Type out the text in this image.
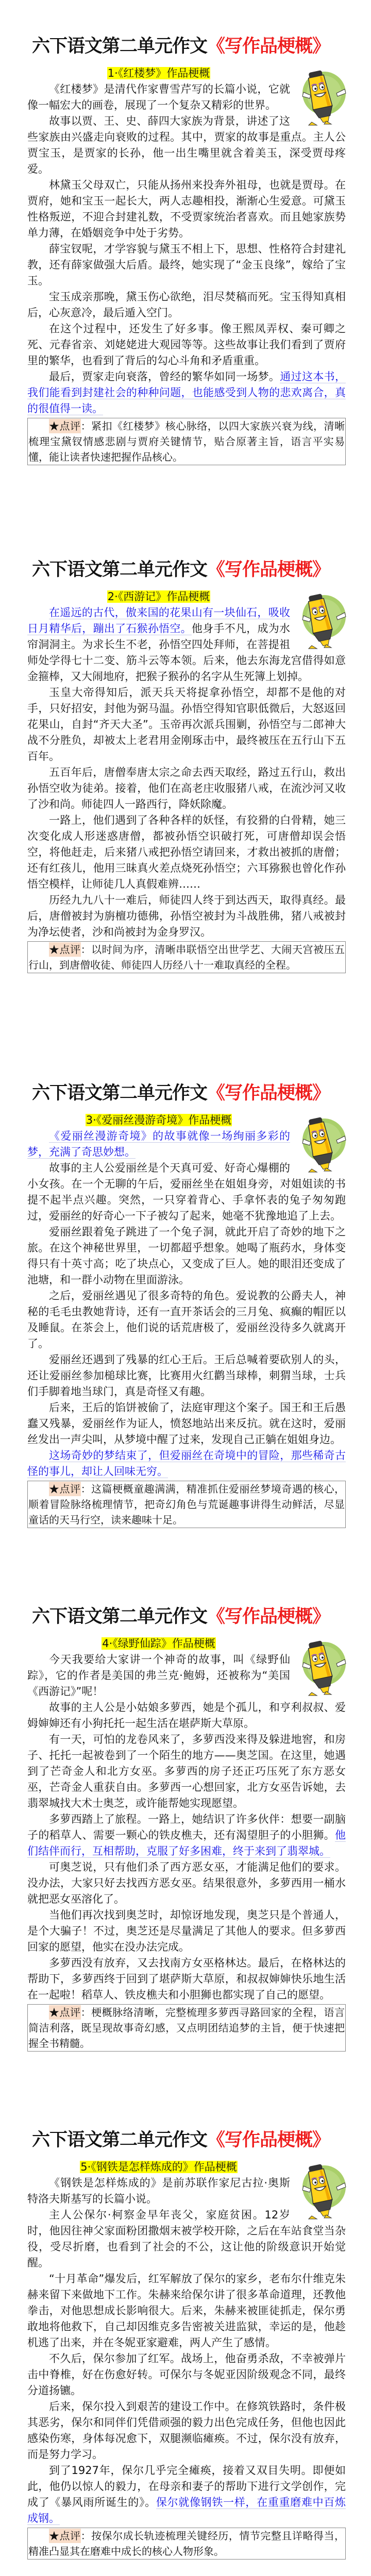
六下语文第二单元作文《写作品梗概》
1·《红楼梦》作品梗概

《红楼梦》是清代作家曹雪芹写的长篇小说，它就像一幅宏大的画卷，展现了一个复杂又精彩的世界。

故事以贾、王、史、薛四大家族为背景，讲述了这些家族由兴盛走向衰败的过程。其中，贾家的故事是重点。主人公贾宝玉，是贾家的长孙，他一出生嘴里就含着美玉，深受贾母疼爱。

林黛玉父母双亡，只能从扬州来投奔外祖母，也就是贾母。在贾府，她和宝玉一起长大，两人志趣相投，渐渐心生爱意。可黛玉性格叛逆，不迎合封建礼数，不受贾家统治者喜欢。而且她家族势单力薄，在婚姻竞争中处于劣势。

薛宝钗呢，才学容貌与黛玉不相上下，思想、性格符合封建礼教，还有薛家做强大后盾。最终，她实现了“金玉良缘”，嫁给了宝玉。

宝玉成亲那晚，黛玉伤心欲绝，泪尽焚稿而死。宝玉得知真相后，心灰意冷，最后遁入空门。

在这个过程中，还发生了好多事。像王熙凤弄权、秦可卿之死、元春省亲、刘姥姥进大观园等等。这些故事让我们看到了贾府里的繁华，也看到了背后的勾心斗角和矛盾重重。

最后，贾家走向衰落，曾经的繁华如同一场梦。通过这本书，我们能看到封建社会的种种问题，也能感受到人物的悲欢离合，真的很值得一读。

★点评：紧扣《红楼梦》核心脉络，以四大家族兴衰为线，清晰梳理宝黛钗情感悲剧与贾府关键情节，贴合原著主旨，语言平实易懂，能让读者快速把握作品核心。
六下语文第二单元作文《写作品梗概》
2·《西游记》作品梗概

在遥远的古代，傲来国的花果山有一块仙石，吸收日月精华后，蹦出了石猴孙悟空。他身手不凡，成为水帘洞洞主。为求长生不老，孙悟空四处拜师，在菩提祖师处学得七十二变、筋斗云等本领。后来，他去东海龙宫借得如意金箍棒，又大闹地府，把猴子猴孙的名字从生死簿上划掉。

玉皇大帝得知后，派天兵天将捉拿孙悟空，却都不是他的对手，只好招安，封他为弼马温。孙悟空得知官职低微后，大怒返回花果山，自封“齐天大圣”。玉帝再次派兵围剿，孙悟空与二郎神大战不分胜负，却被太上老君用金刚琢击中，最终被压在五行山下五百年。

五百年后，唐僧奉唐太宗之命去西天取经，路过五行山，救出孙悟空收为徒弟。接着，他们在高老庄收服猪八戒，在流沙河又收了沙和尚。师徒四人一路西行，降妖除魔。

一路上，他们遇到了各种各样的妖怪，有狡猾的白骨精，她三次变化成人形迷惑唐僧，都被孙悟空识破打死，可唐僧却误会悟空，将他赶走，后来猪八戒把孙悟空请回来，才救出被抓的唐僧；还有红孩儿，他用三昧真火差点烧死孙悟空；六耳猕猴也曾化作孙悟空模样，让师徒几人真假难辨……

历经九九八十一难后，师徒四人终于到达西天，取得真经。最后，唐僧被封为旃檀功德佛，孙悟空被封为斗战胜佛，猪八戒被封为净坛使者，沙和尚被封为金身罗汉。

★点评：以时间为序，清晰串联悟空出世学艺、大闹天宫被压五行山，到唐僧收徒、师徒四人历经八十一难取真经的全程。
六下语文第二单元作文《写作品梗概》
3·《爱丽丝漫游奇境》作品梗概

《爱丽丝漫游奇境》的故事就像一场绚丽多彩的梦，充满了奇思妙想。

故事的主人公爱丽丝是个天真可爱、好奇心爆棚的小女孩。在一个无聊的午后，爱丽丝坐在姐姐身旁，对姐姐读的书提不起半点兴趣。突然，一只穿着背心、手拿怀表的兔子匆匆跑过，爱丽丝的好奇心一下子被勾了起来，她毫不犹豫地追了上去。

爱丽丝跟着兔子跳进了一个兔子洞，就此开启了奇妙的地下之旅。在这个神秘世界里，一切都超乎想象。她喝了瓶药水，身体变得只有十英寸高；吃了块点心，又变成了巨人。她的眼泪还变成了池塘，和一群小动物在里面游泳。

之后，爱丽丝遇见了很多奇特的角色。爱说教的公爵夫人，神秘的毛毛虫教她背诗，还有一直开茶话会的三月兔、疯癫的帽匠以及睡鼠。在茶会上，他们说的话荒唐极了，爱丽丝没待多久就离开了。

爱丽丝还遇到了残暴的红心王后。王后总喊着要砍别人的头，还让爱丽丝参加槌球比赛，比赛用火红鹳当球棒，刺猬当球，士兵们手脚着地当球门，真是奇怪又有趣。

后来，王后的馅饼被偷了，法庭审理这个案子。国王和王后愚蠢又残暴，爱丽丝作为证人，愤怒地站出来反抗。就在这时，爱丽丝发出一声尖叫，从梦境中醒了过来，发现自己正躺在姐姐身边。

这场奇妙的梦结束了，但爱丽丝在奇境中的冒险，那些稀奇古怪的事儿，却让人回味无穷。

★点评：这篇梗概童趣满满，精准抓住爱丽丝梦境奇遇的核心，顺着冒险脉络梳理情节，把奇幻角色与荒诞趣事讲得生动鲜活，尽显童话的天马行空，读来趣味十足。
六下语文第二单元作文《写作品梗概》
4·《绿野仙踪》作品梗概

今天我要给大家讲一个神奇的故事，叫《绿野仙踪》，它的作者是美国的弗兰克·鲍姆，还被称为“美国《西游记》”呢！

故事的主人公是小姑娘多萝西，她是个孤儿，和亨利叔叔、爱姆婶婶还有小狗托托一起生活在堪萨斯大草原。

有一天，可怕的龙卷风来了，多萝西没来得及躲进地窖，和房子、托托一起被卷到了一个陌生的地方——奥芝国。在这里，她遇到了芒奇金人和北方女巫。多萝西的房子还正巧压死了东方恶女巫，芒奇金人重获自由。多萝西一心想回家，北方女巫告诉她，去翡翠城找大术士奥芝，或许能帮她实现愿望。

多萝西踏上了旅程。一路上，她结识了许多伙伴：想要一副脑子的稻草人、需要一颗心的铁皮樵夫，还有渴望胆子的小胆狮。他们结伴而行，互相帮助，克服了好多困难，终于来到了翡翠城。

可奥芝说，只有他们杀了西方恶女巫，才能满足他们的要求。没办法，大家只好去找西方恶女巫。结果很意外，多萝西用一桶水就把恶女巫溶化了。

当他们再次找到奥芝时，却惊讶地发现，奥芝只是个普通人，是个大骗子！不过，奥芝还是尽量满足了其他人的要求。但多萝西回家的愿望，他实在没办法完成。

多萝西没有放弃，又去找南方女巫格林达。最后，在格林达的帮助下，多萝西终于回到了堪萨斯大草原，和叔叔婶婶快乐地生活在一起啦！稻草人、铁皮樵夫和小胆狮也都实现了自己的愿望。

★点评：梗概脉络清晰，完整梳理多萝西寻路回家的全程，语言简洁利落，既呈现故事奇幻感，又点明团结追梦的主旨，便于快速把握全书精髓。
六下语文第二单元作文《写作品梗概》
5·《钢铁是怎样炼成的》作品梗概

《钢铁是怎样炼成的》是前苏联作家尼古拉·奥斯特洛夫斯基写的长篇小说。

主人公保尔·柯察金早年丧父，家庭贫困。12岁时，他因往神父家面粉团撒烟末被学校开除，之后在车站食堂当杂役，受尽折磨，也看到了社会的不公，这让他的阶级意识开始觉醒。

“十月革命”爆发后，红军解放了保尔的家乡，老布尔什维克朱赫来留下来做地下工作。朱赫来给保尔讲了很多革命道理，还教他拳击，对他思想成长影响很大。后来，朱赫来被匪徒抓走，保尔勇敢地将他救下，自己却因维克多告密被关进监狱，幸运的是，他趁机逃了出来，并在冬妮亚家避难，两人产生了感情。

不久后，保尔参加了红军。战场上，他奋勇杀敌，不幸被弹片击中脊椎，好在伤愈好转。可保尔与冬妮亚因阶级观念不同，最终分道扬镳。

后来，保尔投入到艰苦的建设工作中。在修筑铁路时，条件极其恶劣，保尔和同伴们凭借顽强的毅力出色完成任务，但他也因此感染伤寒，身体每况愈下，双腿濒临瘫痪。不过，保尔没有放弃，而是努力学习。

到了1927年，保尔几乎完全瘫痪，接着又双目失明。即便如此，他仍以惊人的毅力，在母亲和妻子的帮助下进行文学创作，完成了《暴风雨所诞生的》。保尔就像钢铁一样，在重重磨难中百炼成钢。

★点评：按保尔成长轨迹梳理关键经历，情节完整且详略得当，精准凸显其在磨难中成长的核心人物形象。
